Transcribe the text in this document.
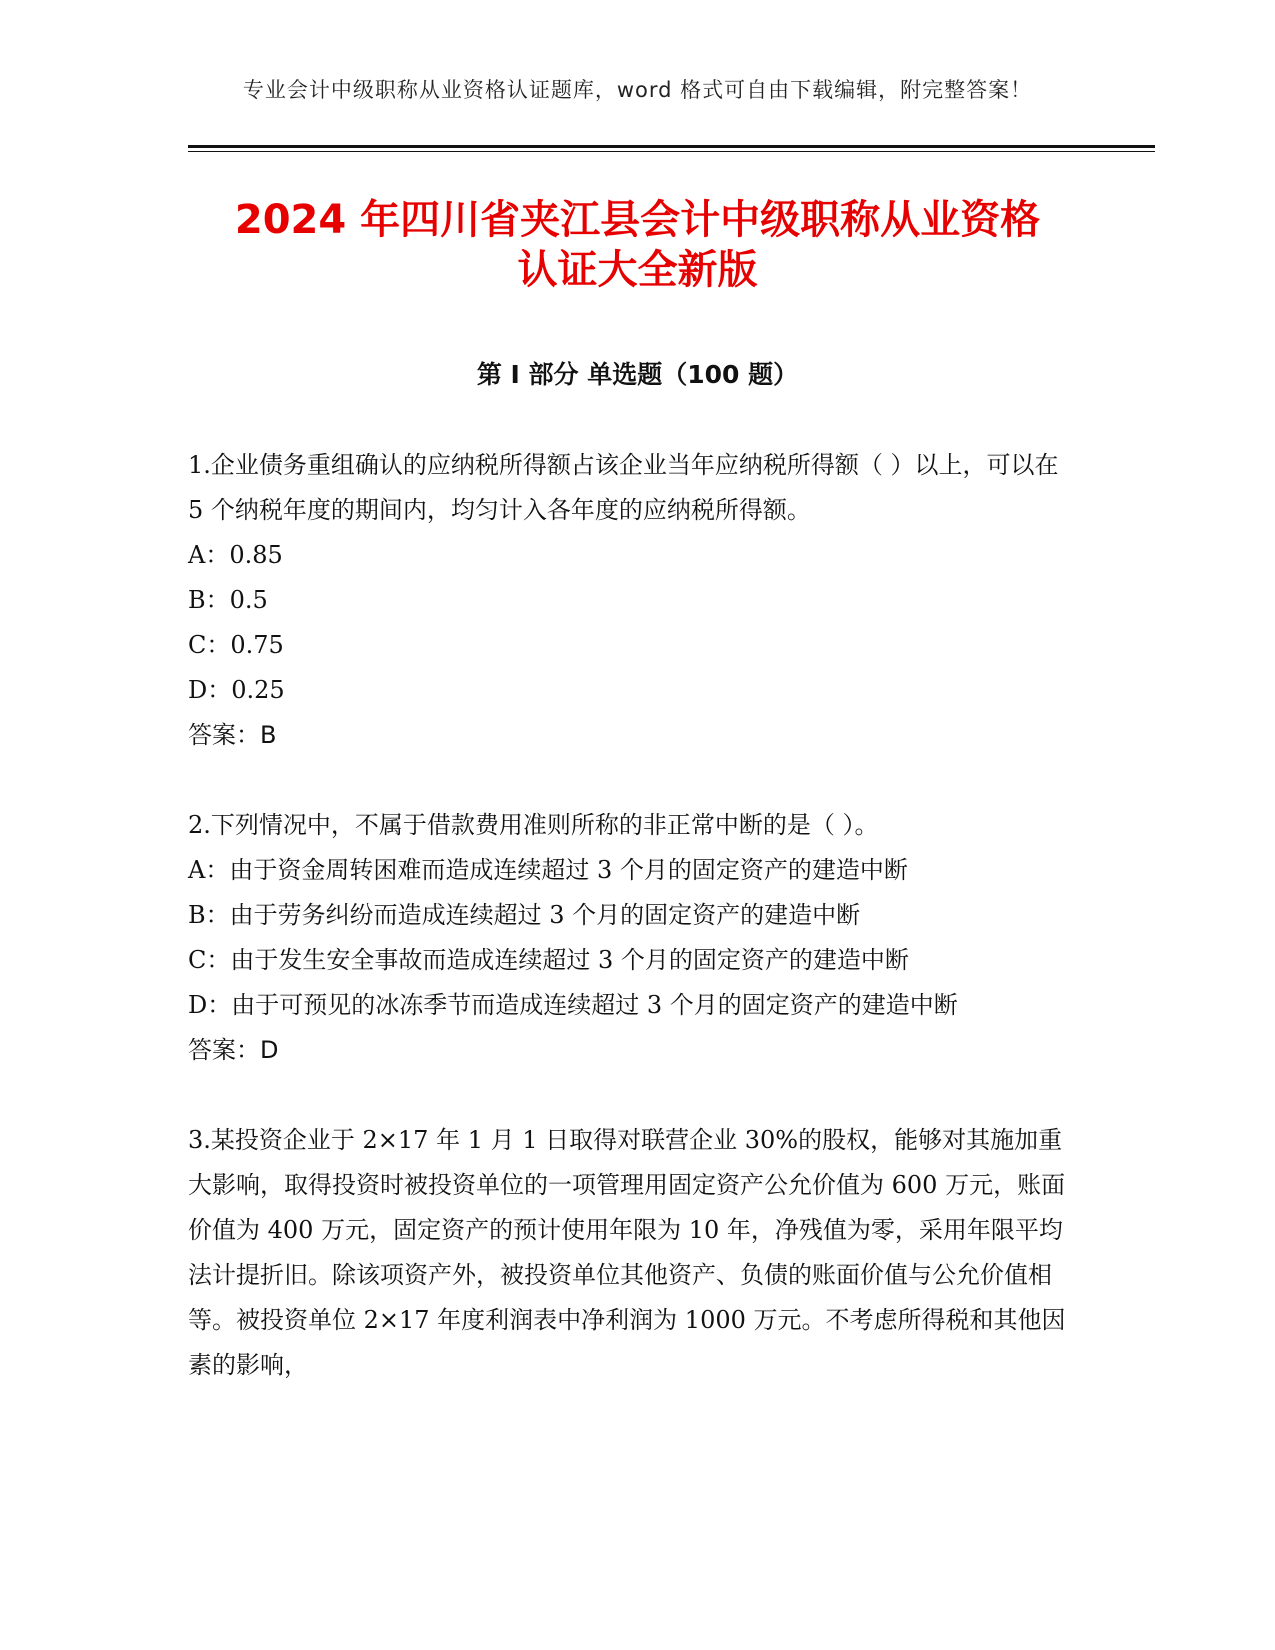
专业会计中级职称从业资格认证题库，word 格式可自由下载编辑，附完整答案！
2024 年四川省夹江县会计中级职称从业资格
认证大全新版
第 I 部分 单选题（100 题）

1.企业债务重组确认的应纳税所得额占该企业当年应纳税所得额（ ）以上，可以在 5 个纳税年度的期间内，均匀计入各年度的应纳税所得额。

A：0.85

B：0.5

C：0.75

D：0.25

答案：B

2.下列情况中，不属于借款费用准则所称的非正常中断的是（ ）。

A：由于资金周转困难而造成连续超过 3 个月的固定资产的建造中断

B：由于劳务纠纷而造成连续超过 3 个月的固定资产的建造中断

C：由于发生安全事故而造成连续超过 3 个月的固定资产的建造中断

D：由于可预见的冰冻季节而造成连续超过 3 个月的固定资产的建造中断

答案：D

3.某投资企业于 2×17 年 1 月 1 日取得对联营企业 30%的股权，能够对其施加重大影响，取得投资时被投资单位的一项管理用固定资产公允价值为 600 万元，账面价值为 400 万元，固定资产的预计使用年限为 10 年，净残值为零，采用年限平均法计提折旧。除该项资产外，被投资单位其他资产、负债的账面价值与公允价值相等。被投资单位 2×17 年度利润表中净利润为 1000 万元。不考虑所得税和其他因素的影响，
